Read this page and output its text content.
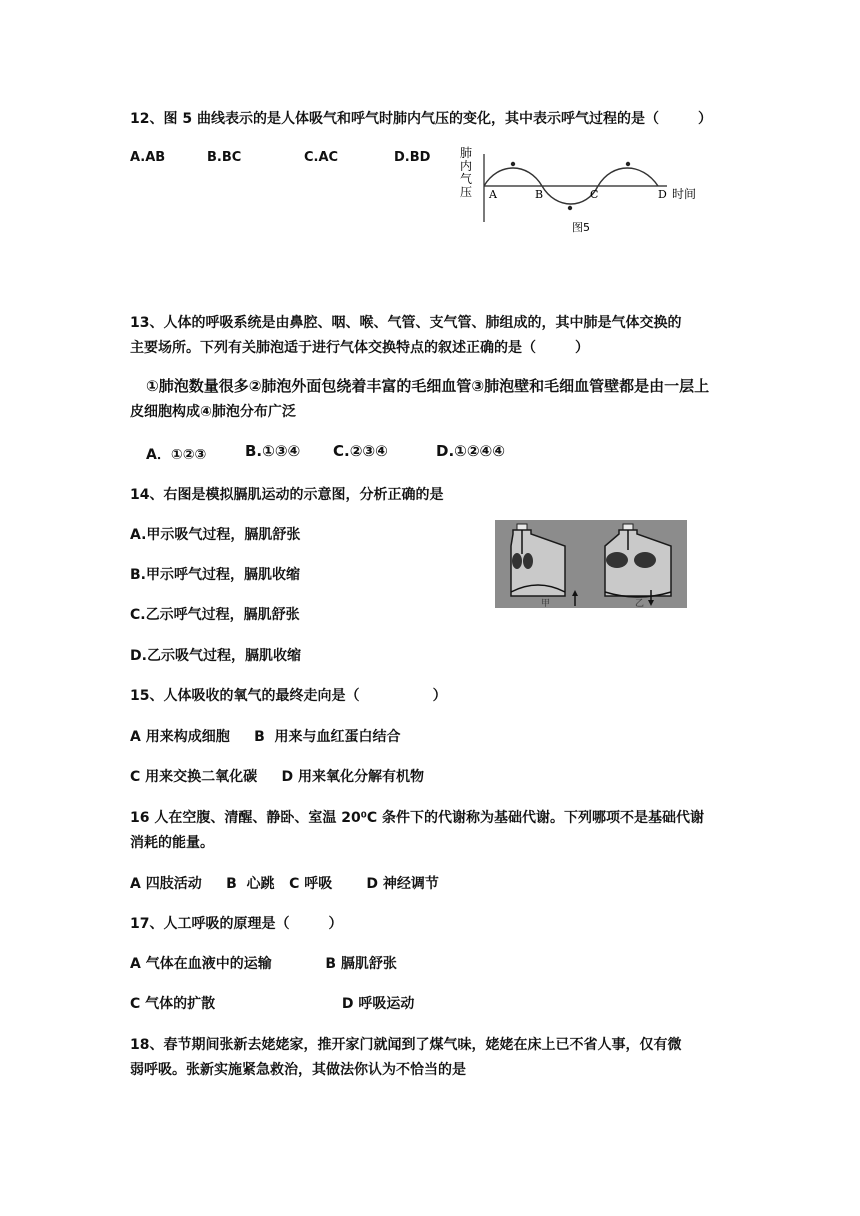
12、图 5 曲线表示的是人体吸气和呼气时肺内气压的变化，其中表示呼气过程的是（        ）
A.AB	B.BC	C.AC	D.BD 肺
内
气
压 A	B	C	D 时间
图5
13、人体的呼吸系统是由鼻腔、咽、喉、气管、支气管、肺组成的，其中肺是气体交换的
主要场所。下列有关肺泡适于进行气体交换特点的叙述正确的是（        ）
①肺泡数量很多②肺泡外面包绕着丰富的毛细血管③肺泡壁和毛细血管壁都是由一层上
皮细胞构成④肺泡分布广泛
A．①②③	B.①③④ C.②③④	D.①②④④
14、右图是模拟膈肌运动的示意图，分析正确的是
A.甲示吸气过程，膈肌舒张
B.甲示呼气过程，膈肌收缩
C.乙示呼气过程，膈肌舒张
D.乙示吸气过程，膈肌收缩
甲	乙
15、人体吸收的氧气的最终走向是（               ）
A 用来构成细胞     B  用来与血红蛋白结合
C 用来交换二氧化碳     D 用来氧化分解有机物
16 人在空腹、清醒、静卧、室温 20⁰C 条件下的代谢称为基础代谢。下列哪项不是基础代谢
消耗的能量。
A 四肢活动     B  心跳   C 呼吸       D 神经调节
17、人工呼吸的原理是（        ）
A 气体在血液中的运输           B 膈肌舒张
C 气体的扩散                          D 呼吸运动
18、春节期间张新去姥姥家，推开家门就闻到了煤气味，姥姥在床上已不省人事，仅有微
弱呼吸。张新实施紧急救治，其做法你认为不恰当的是
